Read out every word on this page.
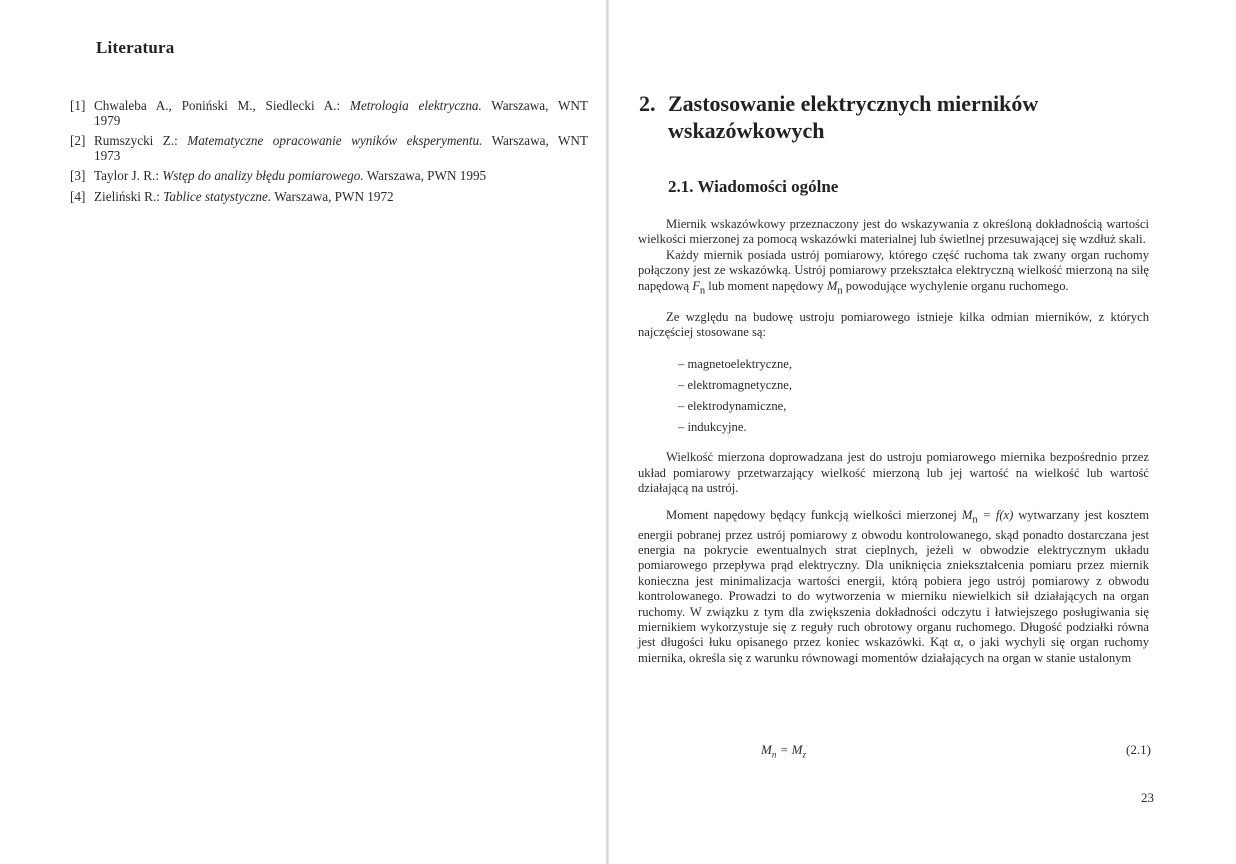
Literatura
[1] Chwaleba A., Poniński M., Siedlecki A.: Metrologia elektryczna. Warszawa, WNT
1979
[2] Rumszycki Z.: Matematyczne opracowanie wyników eksperymentu. Warszawa, WNT
1973
[3] Taylor J. R.: Wstęp do analizy błędu pomiarowego. Warszawa, PWN 1995
[4] Zieliński R.: Tablice statystyczne. Warszawa, PWN 1972
2. Zastosowanie elektrycznych mierników wskazówkowych
2.1. Wiadomości ogólne

Miernik wskazówkowy przeznaczony jest do wskazywania z określoną dokładnością wartości wielkości mierzonej za pomocą wskazówki materialnej lub świetlnej przesuwającej się wzdłuż skali.

Każdy miernik posiada ustrój pomiarowy, którego część ruchoma tak zwany organ ruchomy połączony jest ze wskazówką. Ustrój pomiarowy przekształca elektryczną wielkość mierzoną na siłę napędową $F_n$ lub moment napędowy $M_n$ powodujące wychylenie organu ruchomego.

Ze względu na budowę ustroju pomiarowego istnieje kilka odmian mierników, z których najczęściej stosowane są:

– magnetoelektryczne,
– elektromagnetyczne,
– elektrodynamiczne,
– indukcyjne.

Wielkość mierzona doprowadzana jest do ustroju pomiarowego miernika bezpośrednio przez układ pomiarowy przetwarzający wielkość mierzoną lub jej wartość na wielkość lub wartość działającą na ustrój.

Moment napędowy będący funkcją wielkości mierzonej $M_n = f(x)$ wytwarzany jest kosztem energii pobranej przez ustrój pomiarowy z obwodu kontrolowanego, skąd ponadto dostarczana jest energia na pokrycie ewentualnych strat cieplnych, jeżeli w obwodzie elektrycznym układu pomiarowego przepływa prąd elektryczny. Dla uniknięcia zniekształcenia pomiaru przez miernik konieczna jest minimalizacja wartości energii, którą pobiera jego ustrój pomiarowy z obwodu kontrolowanego. Prowadzi to do wytworzenia w mierniku niewielkich sił działających na organ ruchomy. W związku z tym dla zwiększenia dokładności odczytu i łatwiejszego posługiwania się miernikiem wykorzystuje się z reguły ruch obrotowy organu ruchomego. Długość podziałki równa jest długości łuku opisanego przez koniec wskazówki. Kąt α, o jaki wychyli się organ ruchomy miernika, określa się z warunku równowagi momentów działających na organ w stanie ustalonym

$M_n = M_z$	(2.1)
23
